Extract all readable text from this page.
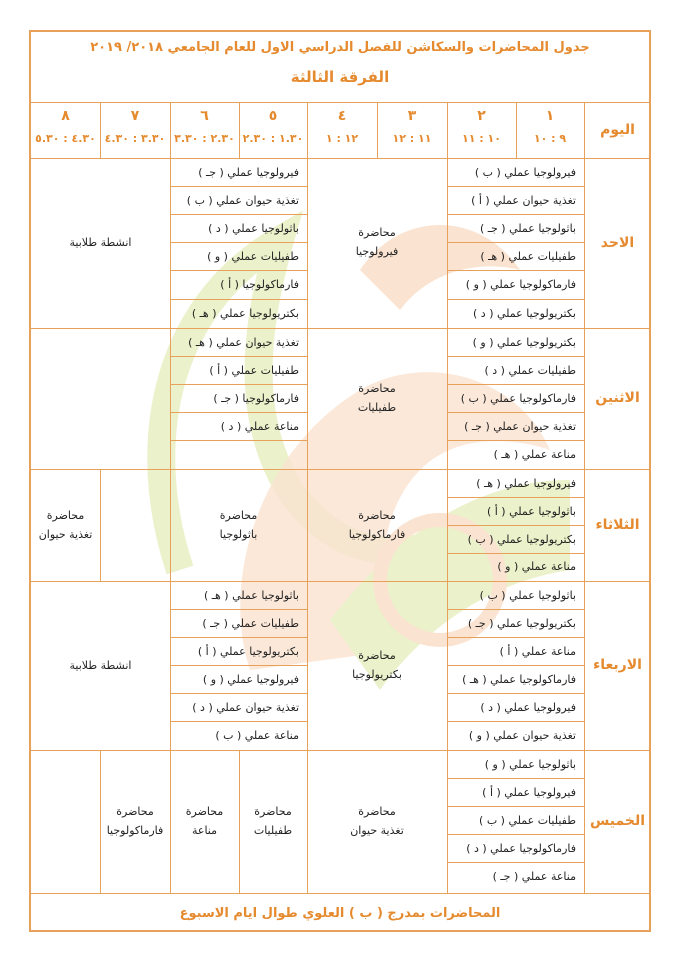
جدول المحاضرات والسكاشن للفصل الدراسي الاول للعام الجامعي ٢٠١٨/ ٢٠١٩
الفرقة الثالثة
اليوم
١
٩ : ١٠
٢
١٠ : ١١
٣
١١ : ١٢
٤
١٢ : ١
٥
١.٣٠ : ٢.٣٠
٦
٢.٣٠ : ٣.٣٠
٧
٣.٣٠ : ٤.٣٠
٨
٤.٣٠ : ٥.٣٠
الاحد
فيرولوجيا عملي ( ب )
تغذية حيوان عملي ( أ )
باثولوجيا عملي ( جـ )
طفيليات عملي ( هـ )
فارماكولوجيا عملي ( و )
بكتريولوجيا عملي ( د )
محاضرة
فيرولوجيا
فيرولوجيا عملي ( جـ )
تغذية حيوان عملي ( ب )
باثولوجيا عملي ( د )
طفيليات عملي ( و )
فارماكولوجيا ( أ )
بكتريولوجيا عملي ( هـ )
انشطة طلابية
الاثنين
بكتريولوجيا عملي ( و )
طفيليات عملي ( د )
فارماكولوجيا عملي ( ب )
تغذية حيوان عملي ( جـ )
مناعة عملي ( هـ )
محاضرة
طفيليات
تغذية حيوان عملي ( هـ )
طفيليات عملي ( أ )
فارماكولوجيا ( جـ )
مناعة عملي ( د )
الثلاثاء
فيرولوجيا عملي ( هـ )
باثولوجيا عملي ( أ )
بكتريولوجيا عملي ( ب )
مناعة عملي ( و )
محاضرة
فارماكولوجيا
محاضرة
باثولوجيا
محاضرة
تغذية حيوان
الاربعاء
باثولوجيا عملي ( ب )
بكتريولوجيا عملي ( جـ )
مناعة عملي ( أ )
فارماكولوجيا عملي ( هـ )
فيرولوجيا عملي ( د )
تغذية حيوان عملي ( و )
محاضرة
بكتريولوجيا
باثولوجيا عملي ( هـ )
طفيليات عملي ( جـ )
بكتريولوجيا عملي ( أ )
فيرولوجيا عملي ( و )
تغذية حيوان عملي ( د )
مناعة عملي ( ب )
انشطة طلابية
الخميس
باثولوجيا عملي ( و )
فيرولوجيا عملي ( أ )
طفيليات عملي ( ب )
فارماكولوجيا عملي ( د )
مناعة عملي ( جـ )
محاضرة
تغذية حيوان
محاضرة
طفيليات
محاضرة
مناعة
محاضرة
فارماكولوجيا
المحاضرات بمدرج ( ب ) العلوي طوال ايام الاسبوع
